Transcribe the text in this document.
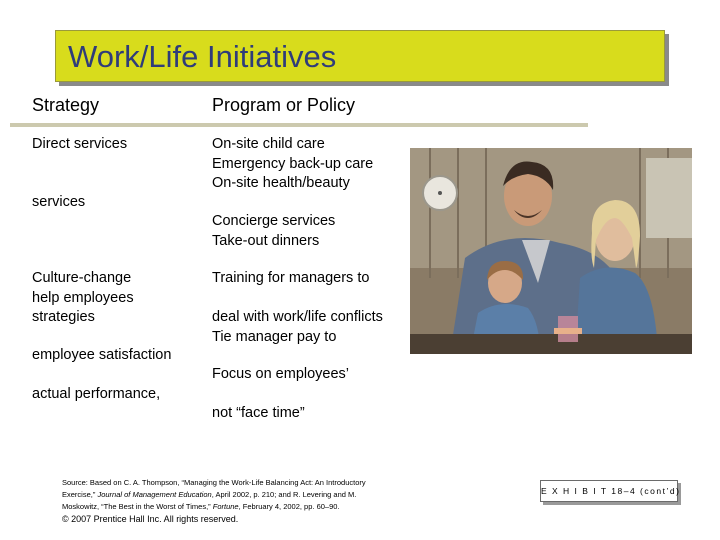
Work/Life Initiatives
Strategy	Program or Policy
Direct services
services
Culture-change
help employees
strategies
employee satisfaction
actual performance,
On-site child care
Emergency back-up care
On-site health/beauty
Concierge services
Take-out dinners
Training for managers to
deal with work/life conflicts
Tie manager pay to
Focus on employees’
not “face time”
Source: Based on C. A. Thompson, “Managing the Work-Life Balancing Act: An Introductory
Exercise,” Journal of Management Education, April 2002, p. 210; and R. Levering and M.
Moskowitz, “The Best in the Worst of Times,” Fortune, February 4, 2002, pp. 60–90.
© 2007 Prentice Hall Inc. All rights reserved.
E X H I B I T 18–4 (cont’d)
